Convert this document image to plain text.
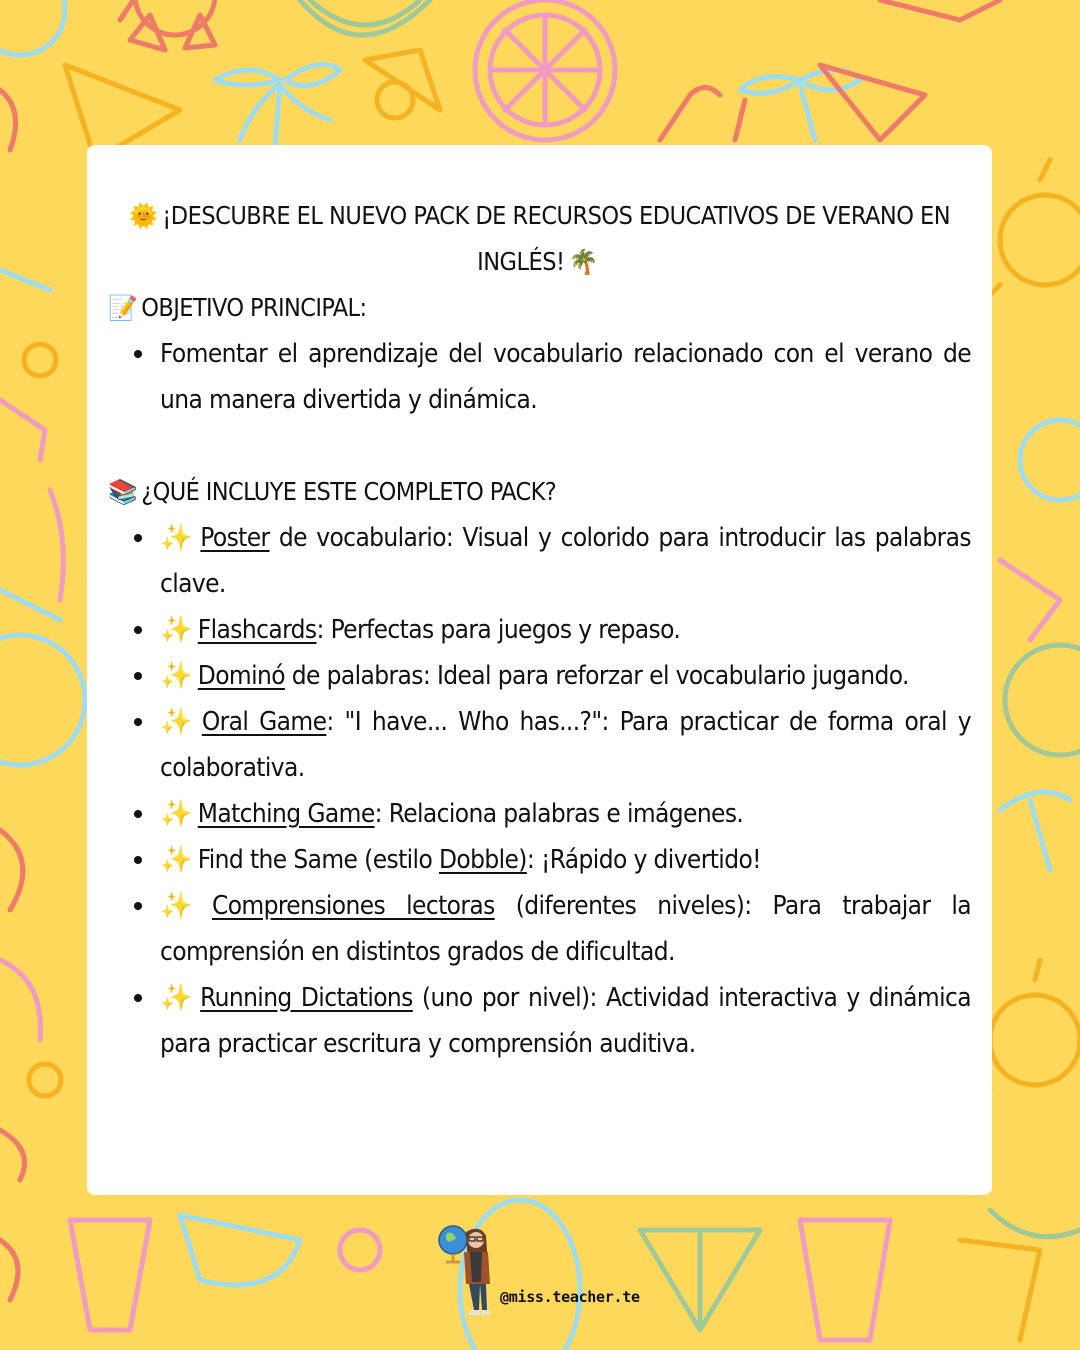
🌞 ¡DESCUBRE EL NUEVO PACK DE RECURSOS EDUCATIVOS DE VERANO EN INGLÉS! 🌴
📝 OBJETIVO PRINCIPAL:
Fomentar el aprendizaje del vocabulario relacionado con el verano de una manera divertida y dinámica.
📚 ¿QUÉ INCLUYE ESTE COMPLETO PACK?
✨ Poster de vocabulario: Visual y colorido para introducir las palabras clave.
✨ Flashcards: Perfectas para juegos y repaso.
✨ Dominó de palabras: Ideal para reforzar el vocabulario jugando.
✨ Oral Game: "I have... Who has...?": Para practicar de forma oral y colaborativa.
✨ Matching Game: Relaciona palabras e imágenes.
✨ Find the Same (estilo Dobble): ¡Rápido y divertido!
✨ Comprensiones lectoras (diferentes niveles): Para trabajar la comprensión en distintos grados de dificultad.
✨ Running Dictations (uno por nivel): Actividad interactiva y dinámica para practicar escritura y comprensión auditiva.
@miss.teacher.te
